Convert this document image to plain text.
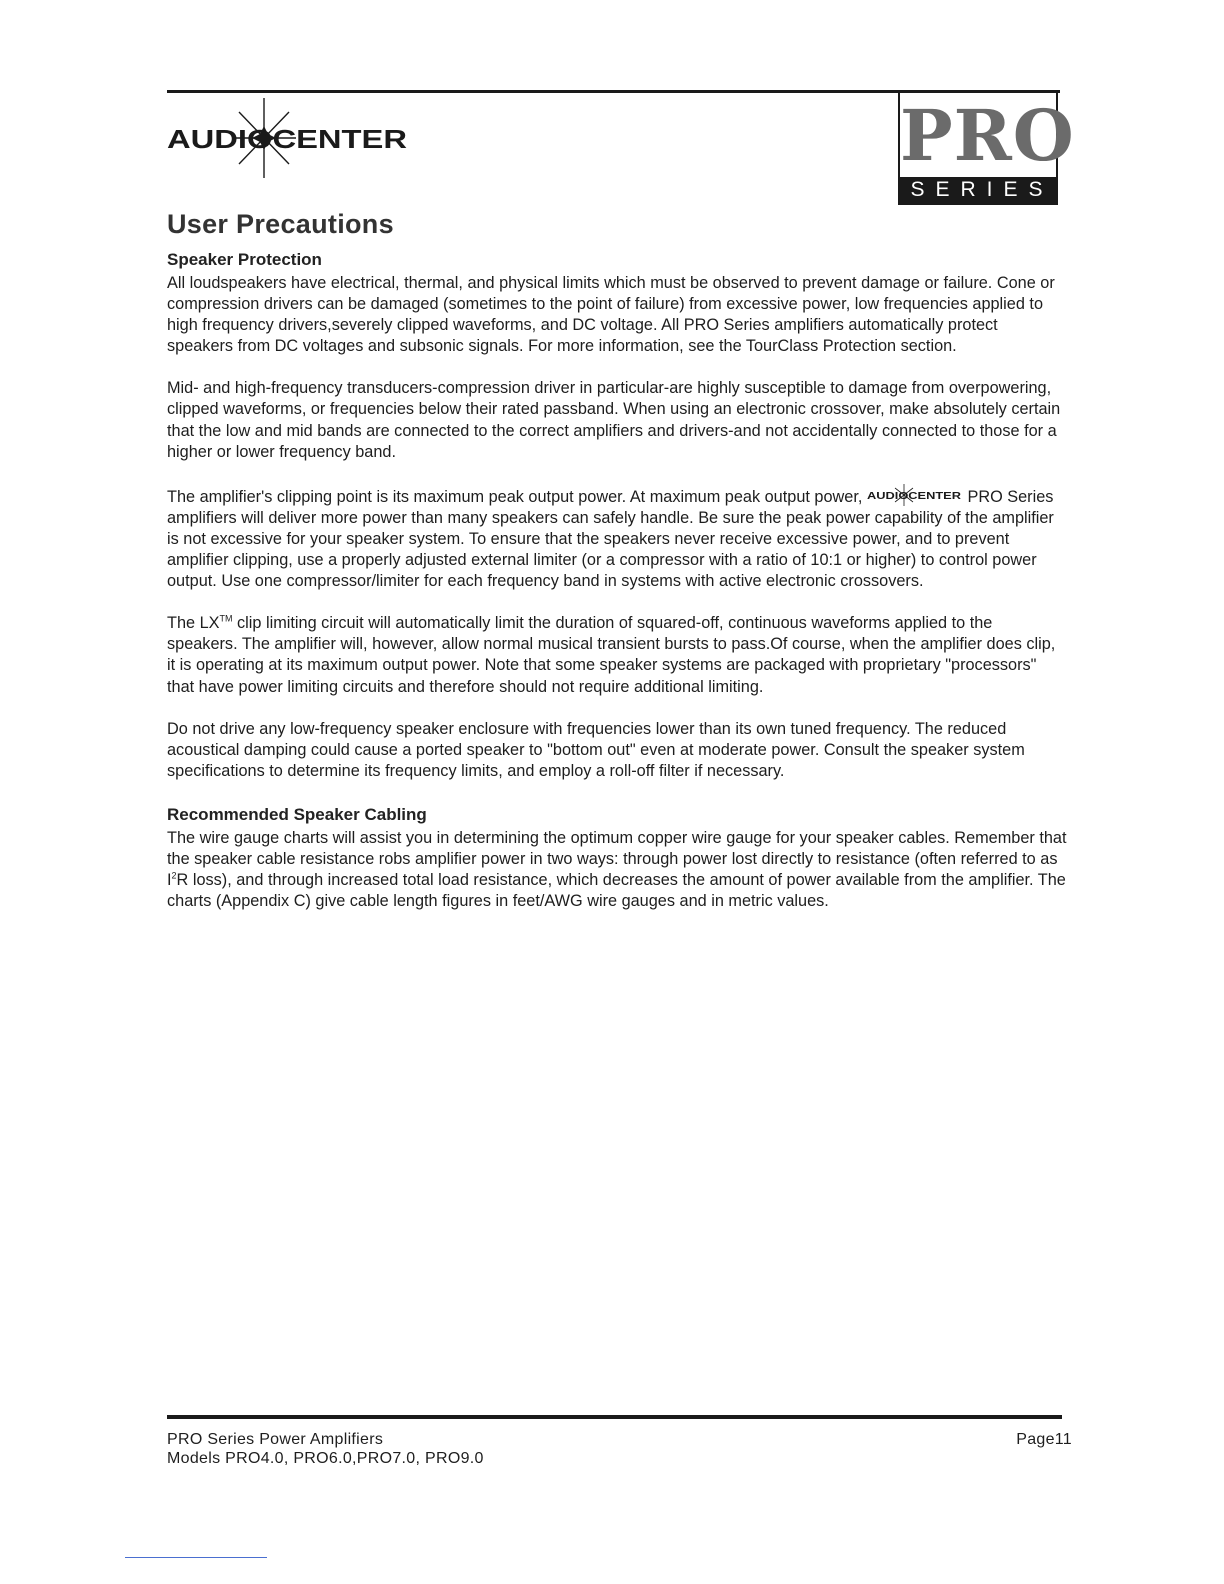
AUDIOCENTER	PRO
SERIES
User Precautions
Speaker Protection

All loudspeakers have electrical, thermal, and physical limits which must be observed to prevent damage or failure. Cone or compression drivers can be damaged (sometimes to the point of failure) from excessive power, low frequencies applied to high frequency drivers,severely clipped waveforms, and DC voltage. All PRO Series amplifiers automatically protect speakers from DC voltages and subsonic signals. For more information, see the TourClass Protection section.

Mid- and high-frequency transducers-compression driver in particular-are highly susceptible to damage from overpowering, clipped waveforms, or frequencies below their rated passband. When using an electronic crossover, make absolutely certain that the low and mid bands are connected to the correct amplifiers and drivers-and not accidentally connected to those for a higher or lower frequency band.

The amplifier's clipping point is its maximum peak output power. At maximum peak output power, AUDIOCENTER PRO Series amplifiers will deliver more power than many speakers can safely handle. Be sure the peak power capability of the amplifier is not excessive for your speaker system. To ensure that the speakers never receive excessive power, and to prevent amplifier clipping, use a properly adjusted external limiter (or a compressor with a ratio of 10:1 or higher) to control power output. Use one compressor/limiter for each frequency band in systems with active electronic crossovers.

The LX™ clip limiting circuit will automatically limit the duration of squared-off, continuous waveforms applied to the speakers. The amplifier will, however, allow normal musical transient bursts to pass.Of course, when the amplifier does clip, it is operating at its maximum output power. Note that some speaker systems are packaged with proprietary "processors" that have power limiting circuits and therefore should not require additional limiting.

Do not drive any low-frequency speaker enclosure with frequencies lower than its own tuned frequency. The reduced acoustical damping could cause a ported speaker to "bottom out" even at moderate power. Consult the speaker system specifications to determine its frequency limits, and employ a roll-off filter if necessary.

Recommended Speaker Cabling

The wire gauge charts will assist you in determining the optimum copper wire gauge for your speaker cables. Remember that the speaker cable resistance robs amplifier power in two ways: through power lost directly to resistance (often referred to as $I^2R$ loss), and through increased total load resistance, which decreases the amount of power available from the amplifier. The charts (Appendix C) give cable length figures in feet/AWG wire gauges and in metric values.

PRO Series Power Amplifiers
Models PRO4.0, PRO6.0,PRO7.0, PRO9.0
Page11
